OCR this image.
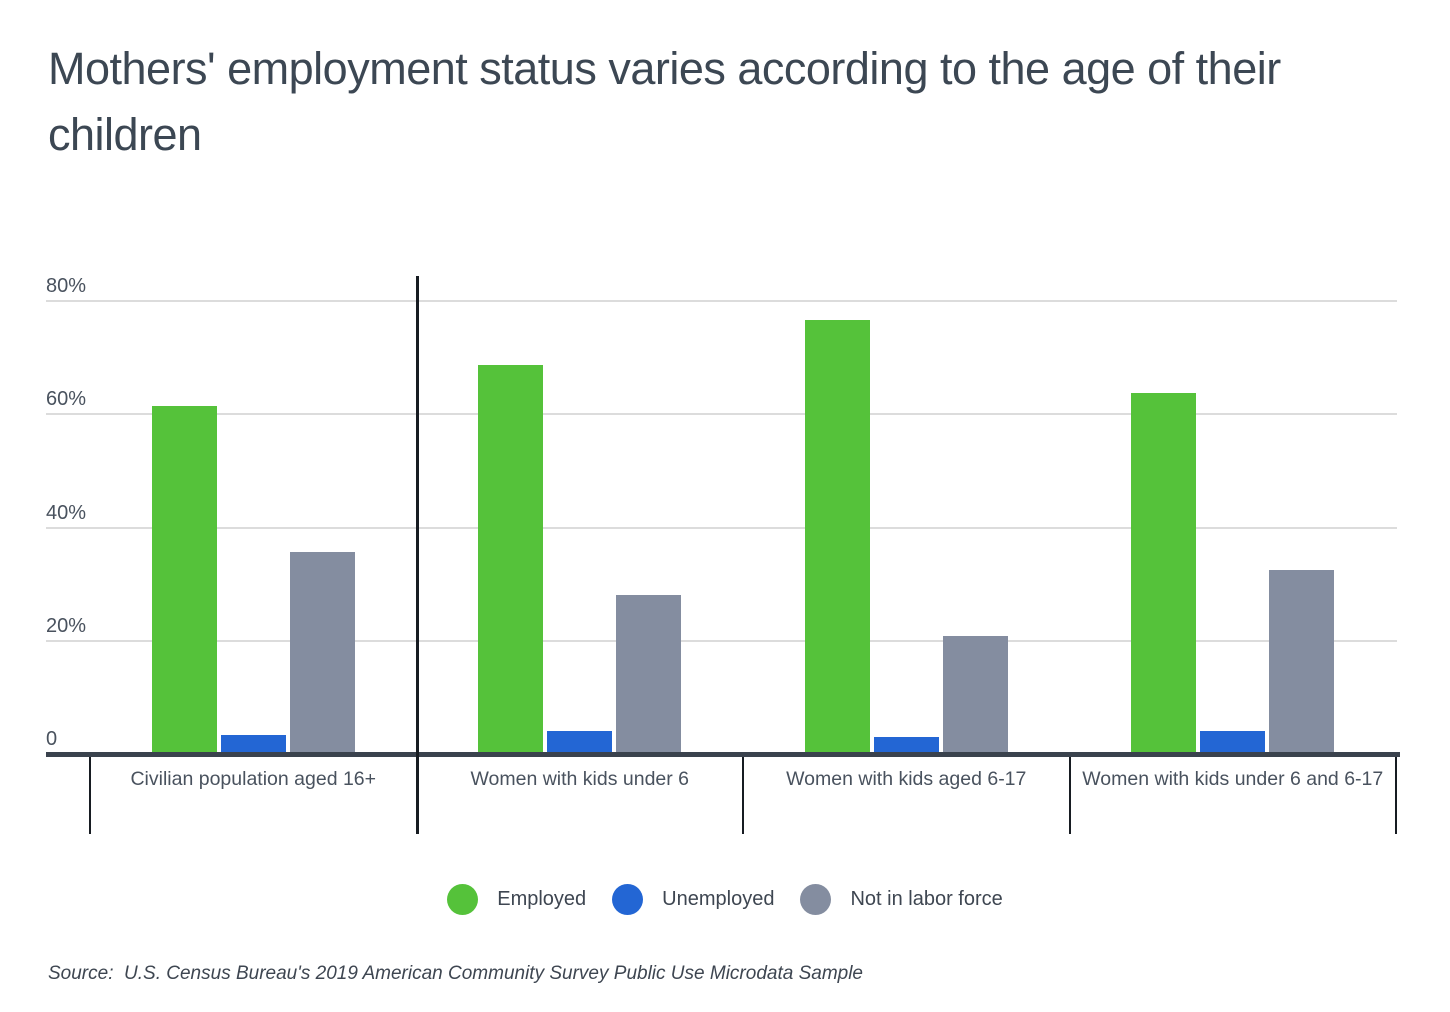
Mothers' employment status varies according to the age of their children
0
20%
40%
60%
80%
Civilian population aged 16+	Women with kids under 6	Women with kids aged 6-17	Women with kids under 6 and 6-17
Employed	Unemployed	Not in labor force
Source:  U.S. Census Bureau's 2019 American Community Survey Public Use Microdata Sample
